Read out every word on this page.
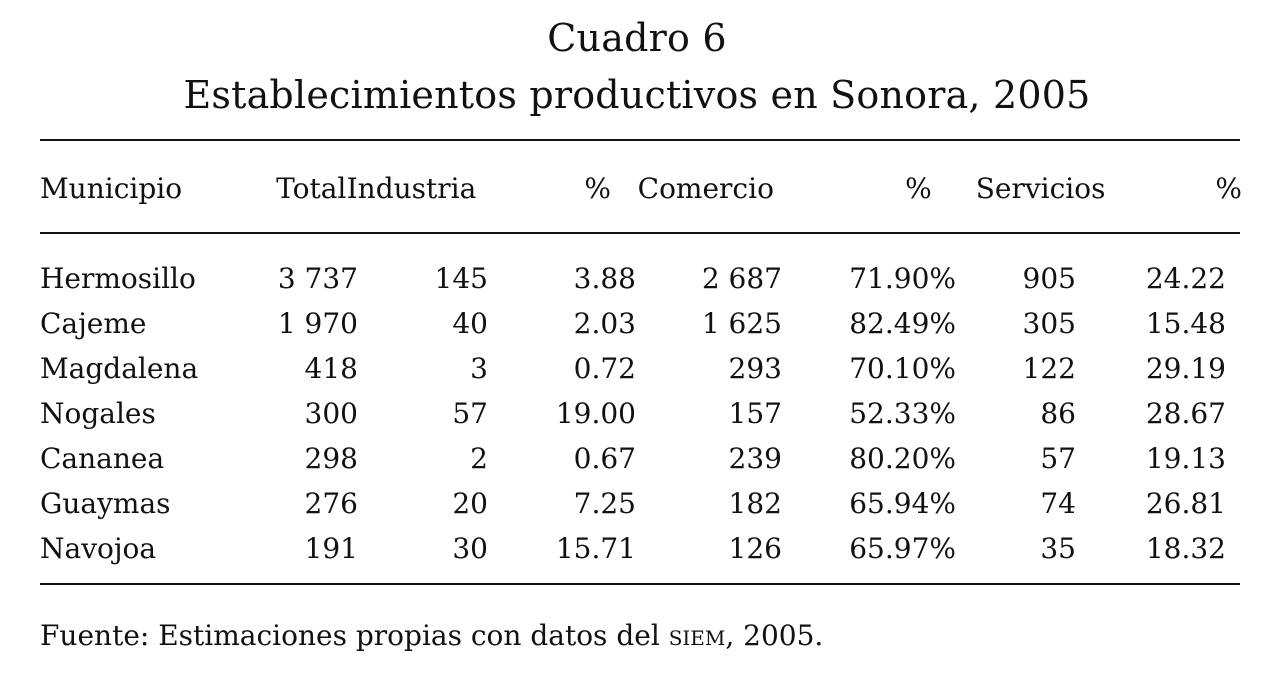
Cuadro 6
Establecimientos productivos en Sonora, 2005
Municipio	Total	Industria	%	Comercio	%	Servicios	%
Hermosillo	3 737	145	3.88	2 687	71.90%	905	24.22
Cajeme	1 970	40	2.03	1 625	82.49%	305	15.48
Magdalena	418	3	0.72	293	70.10%	122	29.19
Nogales	300	57	19.00	157	52.33%	86	28.67
Cananea	298	2	0.67	239	80.20%	57	19.13
Guaymas	276	20	7.25	182	65.94%	74	26.81
Navojoa	191	30	15.71	126	65.97%	35	18.32
Fuente: Estimaciones propias con datos del siem, 2005.
